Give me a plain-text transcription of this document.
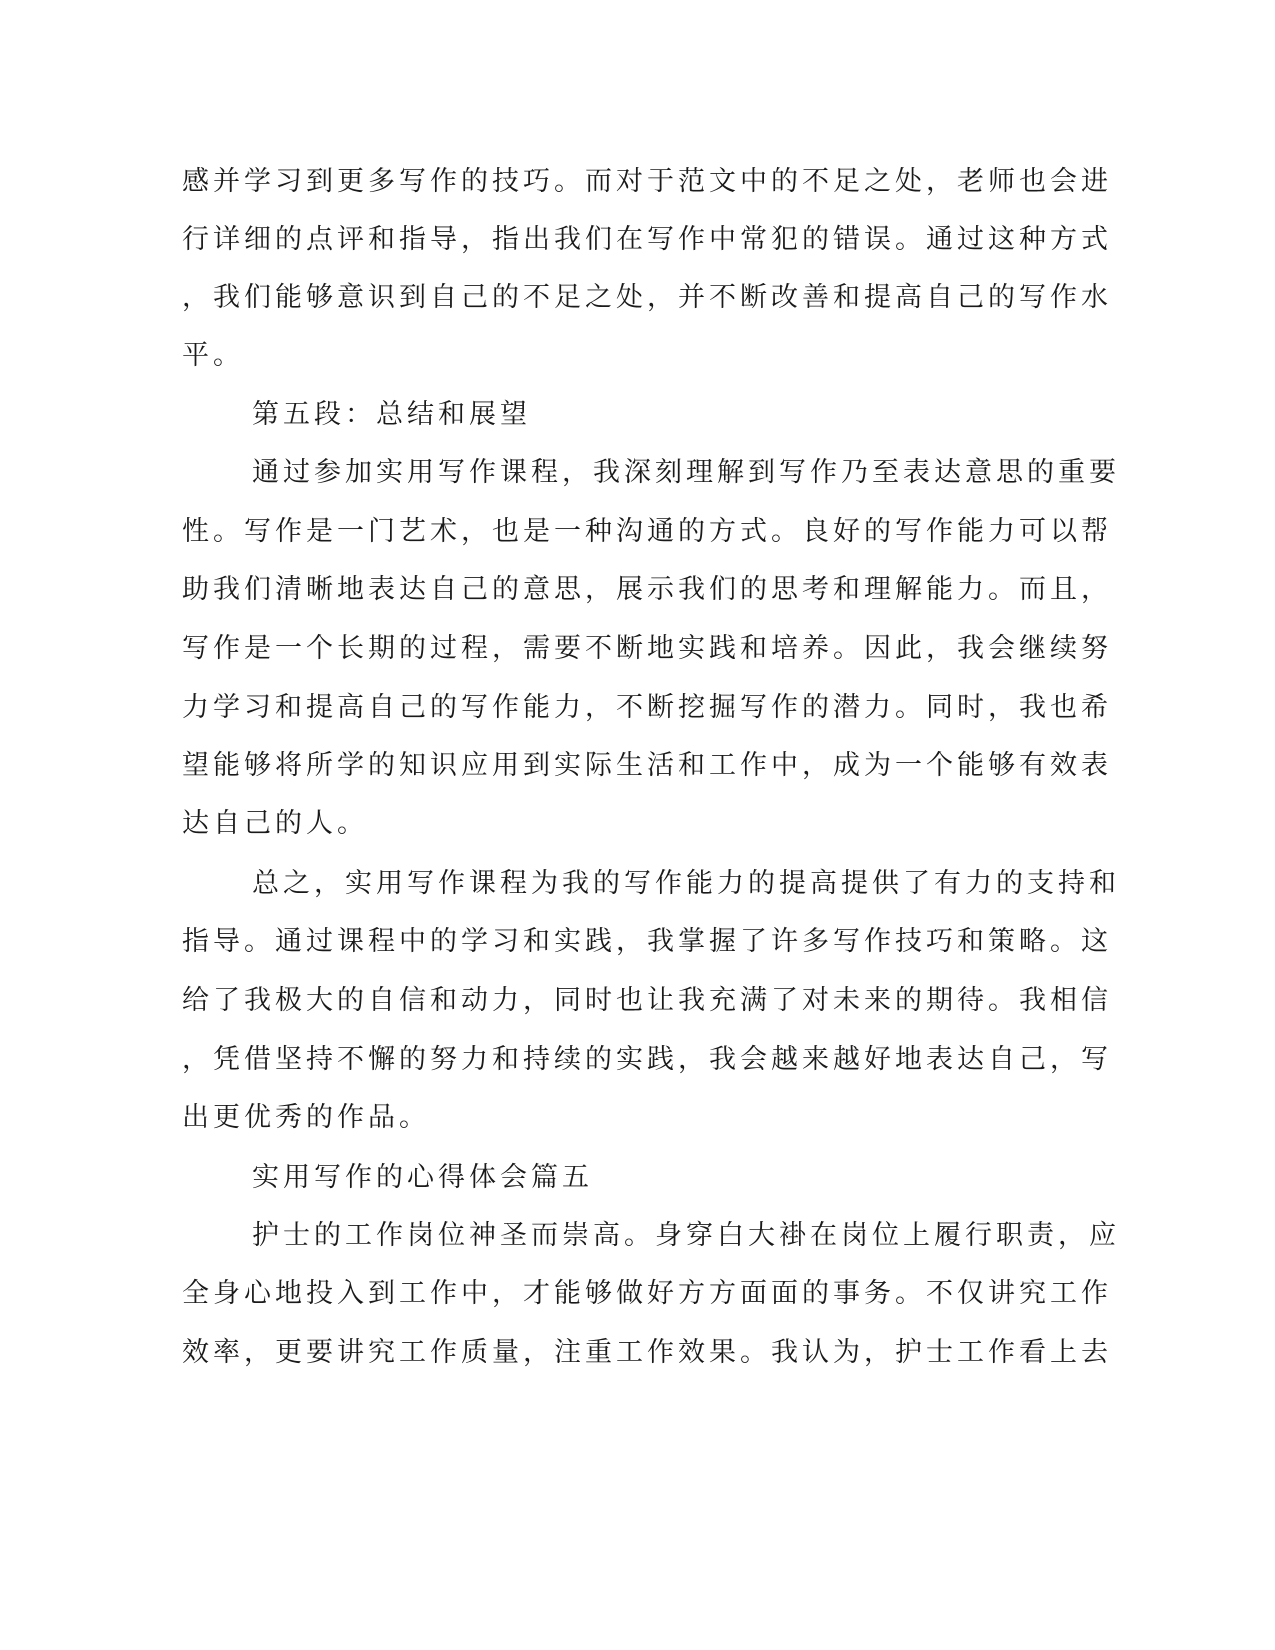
感并学习到更多写作的技巧。而对于范文中的不足之处，老师也会进

行详细的点评和指导，指出我们在写作中常犯的错误。通过这种方式

，我们能够意识到自己的不足之处，并不断改善和提高自己的写作水

平。

第五段：总结和展望

通过参加实用写作课程，我深刻理解到写作乃至表达意思的重要

性。写作是一门艺术，也是一种沟通的方式。良好的写作能力可以帮

助我们清晰地表达自己的意思，展示我们的思考和理解能力。而且，

写作是一个长期的过程，需要不断地实践和培养。因此，我会继续努

力学习和提高自己的写作能力，不断挖掘写作的潜力。同时，我也希

望能够将所学的知识应用到实际生活和工作中，成为一个能够有效表

达自己的人。

总之，实用写作课程为我的写作能力的提高提供了有力的支持和

指导。通过课程中的学习和实践，我掌握了许多写作技巧和策略。这

给了我极大的自信和动力，同时也让我充满了对未来的期待。我相信

，凭借坚持不懈的努力和持续的实践，我会越来越好地表达自己，写

出更优秀的作品。

实用写作的心得体会篇五

护士的工作岗位神圣而崇高。身穿白大褂在岗位上履行职责，应

全身心地投入到工作中，才能够做好方方面面的事务。不仅讲究工作

效率，更要讲究工作质量，注重工作效果。我认为，护士工作看上去
